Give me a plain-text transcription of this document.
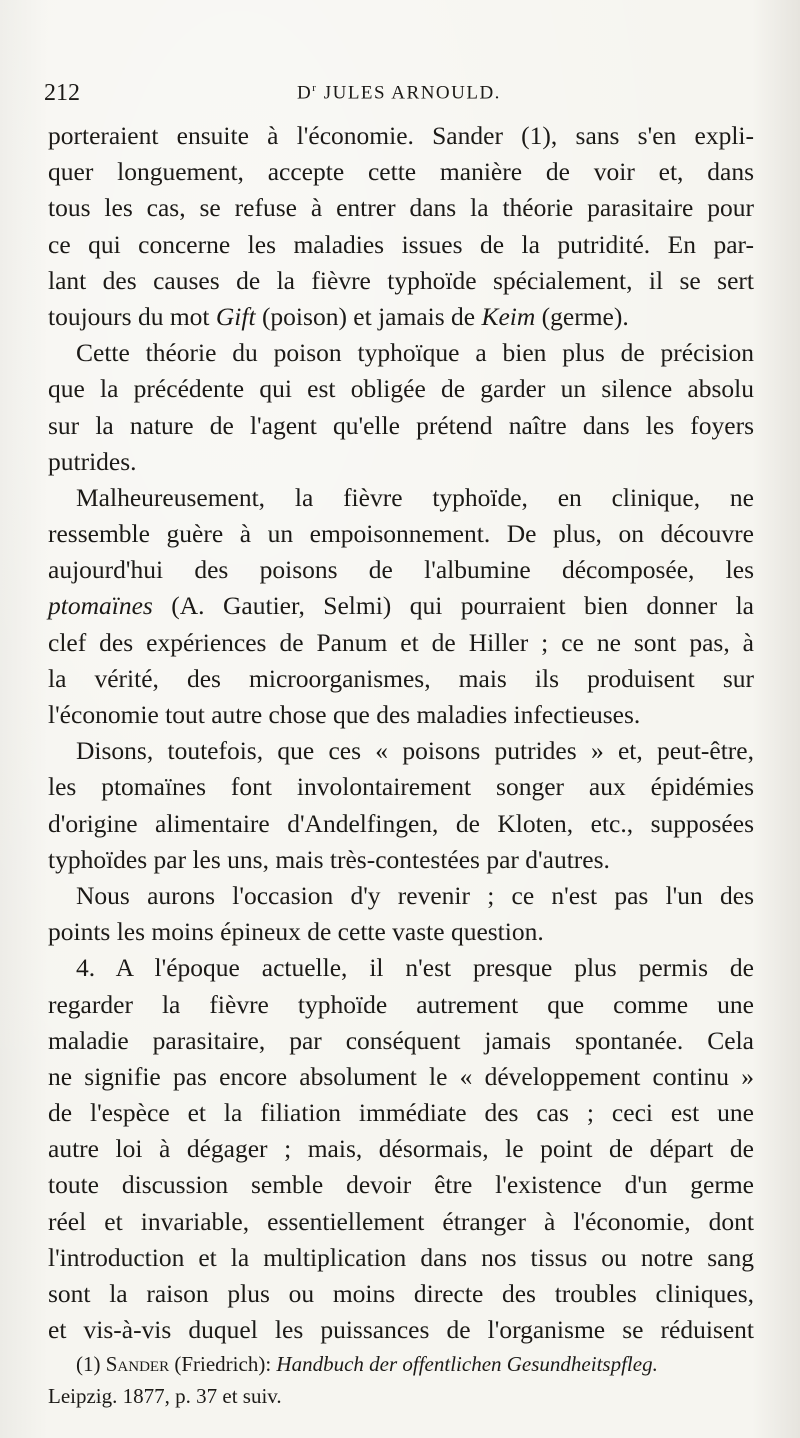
212	$D^r$ JULES ARNOULD.
porteraient ensuite à l'économie. Sander (1), sans s'en expli-
quer longuement, accepte cette manière de voir et, dans
tous les cas, se refuse à entrer dans la théorie parasitaire pour
ce qui concerne les maladies issues de la putridité. En par-
lant des causes de la fièvre typhoïde spécialement, il se sert
toujours du mot Gift (poison) et jamais de Keim (germe).
Cette théorie du poison typhoïque a bien plus de précision
que la précédente qui est obligée de garder un silence absolu
sur la nature de l'agent qu'elle prétend naître dans les foyers
putrides.
Malheureusement, la fièvre typhoïde, en clinique, ne
ressemble guère à un empoisonnement. De plus, on découvre
aujourd'hui des poisons de l'albumine décomposée, les
ptomaïnes (A. Gautier, Selmi) qui pourraient bien donner la
clef des expériences de Panum et de Hiller ; ce ne sont pas, à
la vérité, des microorganismes, mais ils produisent sur
l'économie tout autre chose que des maladies infectieuses.
Disons, toutefois, que ces « poisons putrides » et, peut-être,
les ptomaïnes font involontairement songer aux épidémies
d'origine alimentaire d'Andelfingen, de Kloten, etc., supposées
typhoïdes par les uns, mais très-contestées par d'autres.
Nous aurons l'occasion d'y revenir ; ce n'est pas l'un des
points les moins épineux de cette vaste question.
4. A l'époque actuelle, il n'est presque plus permis de
regarder la fièvre typhoïde autrement que comme une
maladie parasitaire, par conséquent jamais spontanée. Cela
ne signifie pas encore absolument le « développement continu »
de l'espèce et la filiation immédiate des cas ; ceci est une
autre loi à dégager ; mais, désormais, le point de départ de
toute discussion semble devoir être l'existence d'un germe
réel et invariable, essentiellement étranger à l'économie, dont
l'introduction et la multiplication dans nos tissus ou notre sang
sont la raison plus ou moins directe des troubles cliniques,
et vis-à-vis duquel les puissances de l'organisme se réduisent
(1) Sander (Friedrich): Handbuch der offentlichen Gesundheitspfleg.
Leipzig. 1877, p. 37 et suiv.
